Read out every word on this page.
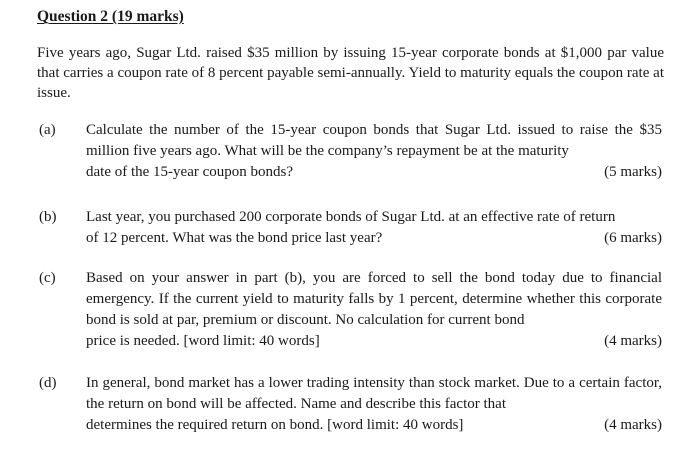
Question 2 (19 marks)
Five years ago, Sugar Ltd. raised $35 million by issuing 15-year corporate bonds at $1,000 par value that carries a coupon rate of 8 percent payable semi-annually. Yield to maturity equals the coupon rate at issue.
(a) Calculate the number of the 15-year coupon bonds that Sugar Ltd. issued to raise the $35 million five years ago. What will be the company’s repayment be at the maturity
date of the 15-year coupon bonds?	(5 marks)
(b) Last year, you purchased 200 corporate bonds of Sugar Ltd. at an effective rate of return
of 12 percent. What was the bond price last year?	(6 marks)
(c) Based on your answer in part (b), you are forced to sell the bond today due to financial emergency. If the current yield to maturity falls by 1 percent, determine whether this corporate bond is sold at par, premium or discount. No calculation for current bond
price is needed. [word limit: 40 words]	(4 marks)
(d) In general, bond market has a lower trading intensity than stock market. Due to a certain factor, the return on bond will be affected. Name and describe this factor that
determines the required return on bond. [word limit: 40 words]	(4 marks)
